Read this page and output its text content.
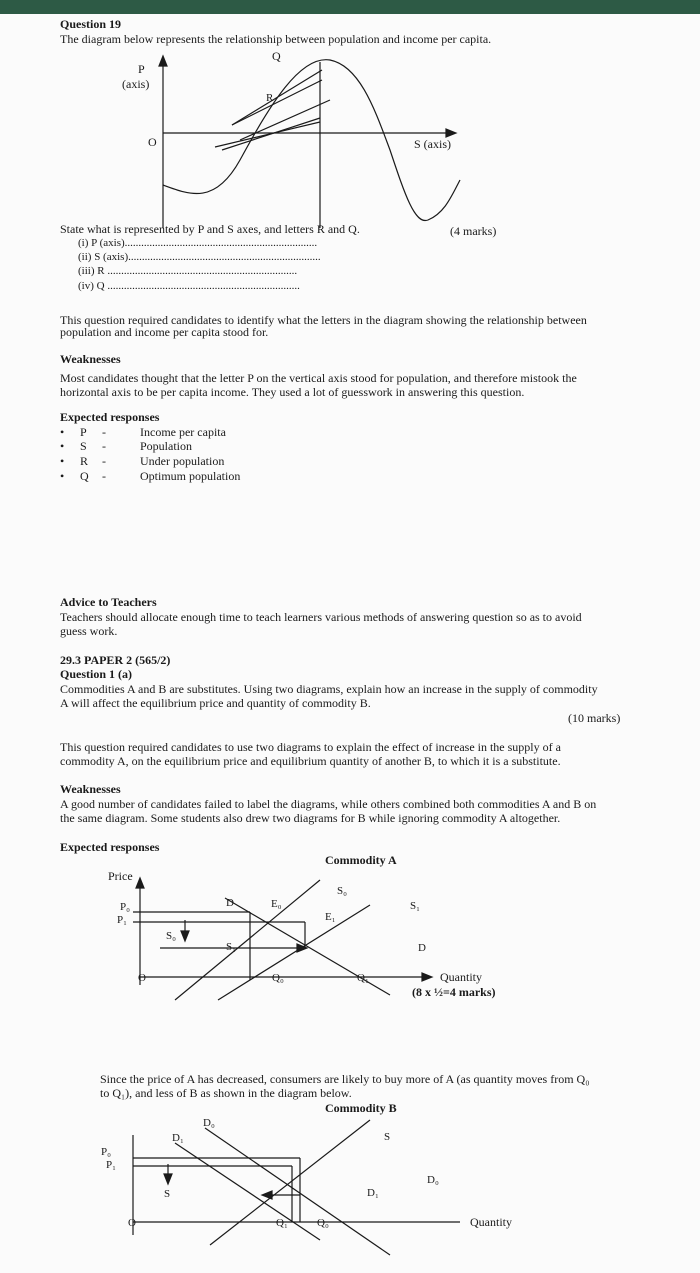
Question 19
The diagram below represents the relationship between population and income per capita.
Q
P
(axis)
O	S (axis)
R
State what is represented by P and S axes, and letters R and Q.	(4 marks)
(i) P (axis)......................................................................
(ii) S (axis)......................................................................
(iii) R .....................................................................
(iv) Q ......................................................................
This question required candidates to identify what the letters in the diagram showing the relationship between
population and income per capita stood for.
Weaknesses
Most candidates thought that the letter P on the vertical axis stood for population, and therefore mistook the
horizontal axis to be per capita income. They used a lot of guesswork in answering this question.
Expected responses
• P -	Income per capita
• S -	Population
• R -	Under population
• Q -	Optimum population
Advice to Teachers
Teachers should allocate enough time to teach learners various methods of answering question so as to avoid
guess work.
29.3 PAPER 2 (565/2)
Question 1 (a)
Commodities A and B are substitutes. Using two diagrams, explain how an increase in the supply of commodity
A will affect the equilibrium price and quantity of commodity B.
(10 marks)
This question required candidates to use two diagrams to explain the effect of increase in the supply of a
commodity A, on the equilibrium price and equilibrium quantity of another B, to which it is a substitute.
Weaknesses
A good number of candidates failed to label the diagrams, while others combined both commodities A and B on
the same diagram. Some students also drew two diagrams for B while ignoring commodity A altogether.
Expected responses
Commodity A
Price
P₀
P₁
S₀
S₁
S₀
S₁
D	E₀
E₁
D
O	Q₀	Q₁	Quantity
(8 x ½=4 marks)
Since the price of A has decreased, consumers are likely to buy more of A (as quantity moves from Q₀
to Q₁), and less of B as shown in the diagram below.
Commodity B
D₀
D₁	S
P₀
P₁
S	D₁
D₀
O	Q₁	Q₀	Quantity
